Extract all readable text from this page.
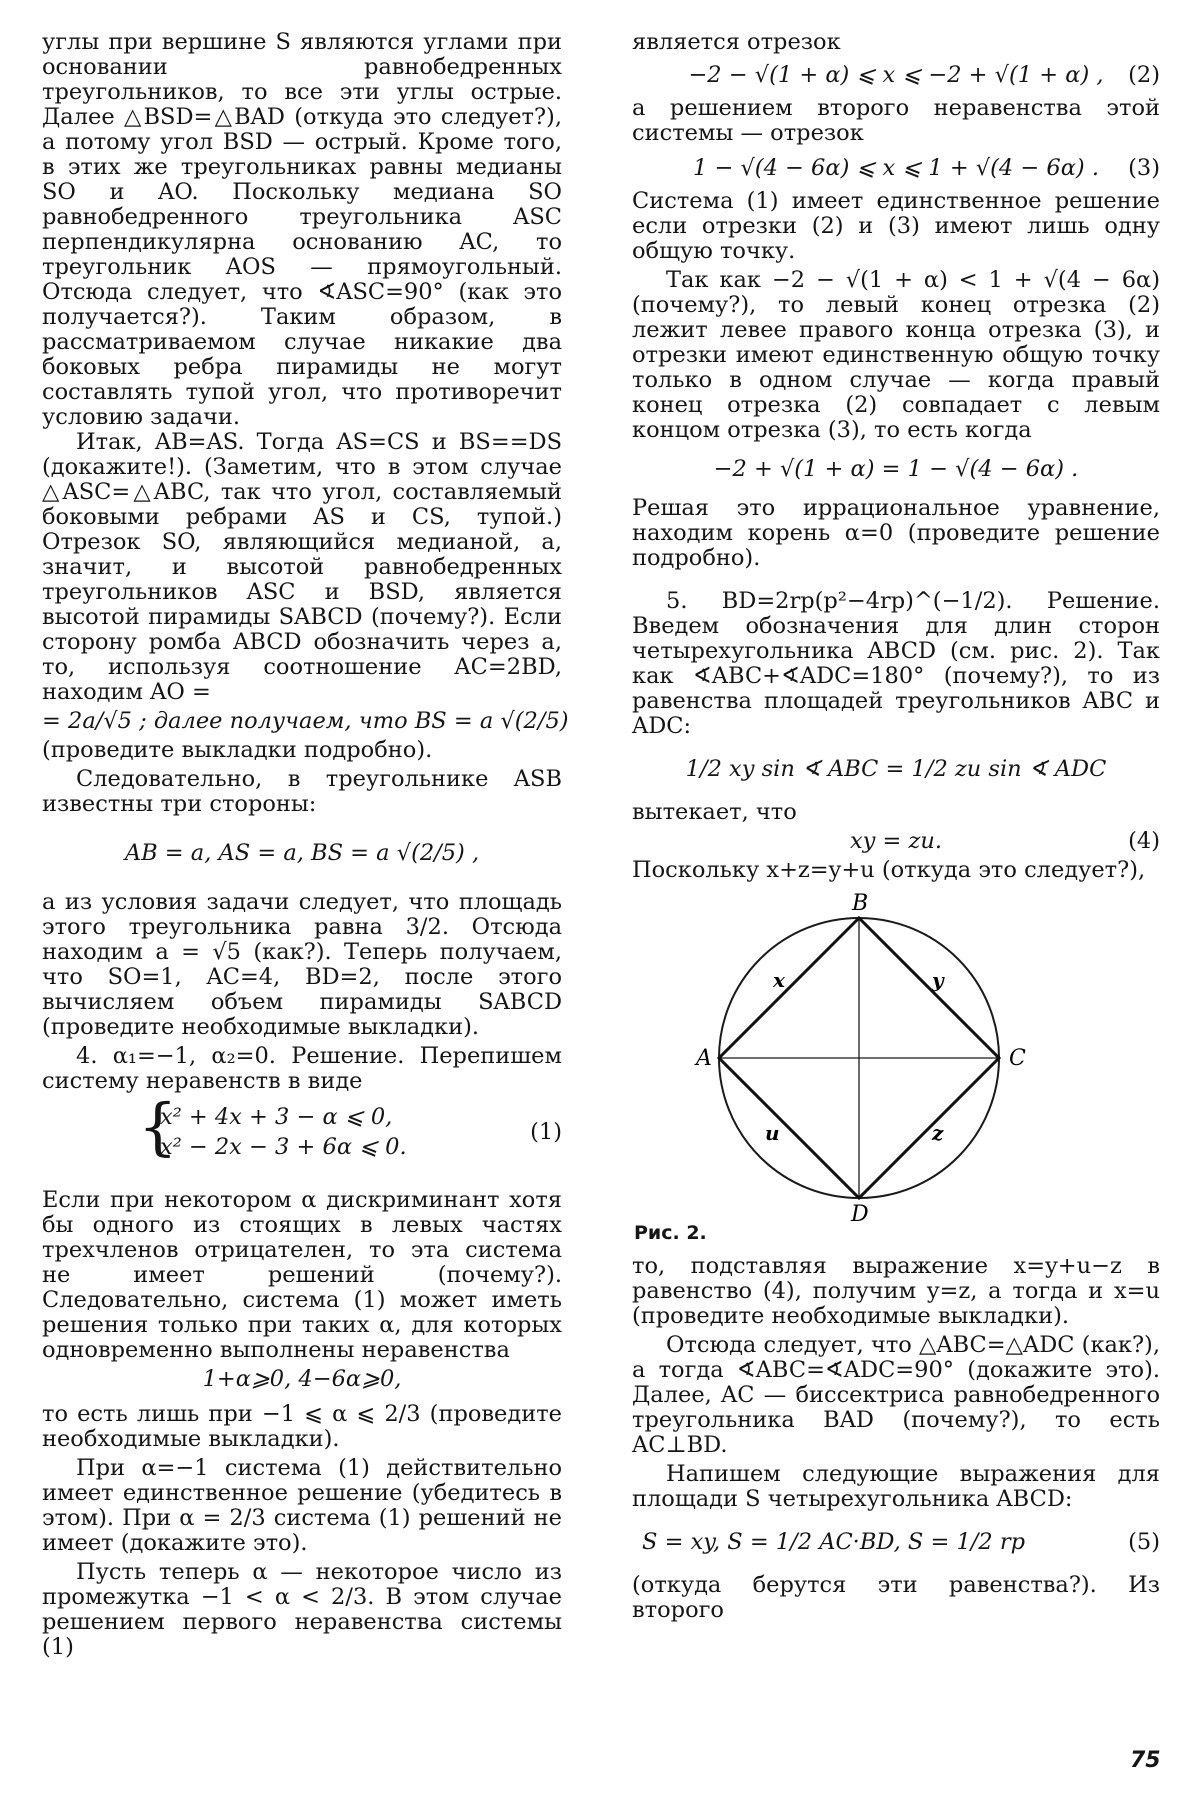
углы при вершине S являются углами при основании равнобедренных треугольников, то все эти углы острые. Далее △BSD=△BAD (откуда это следует?), а потому угол BSD — острый. Кроме того, в этих же треугольниках равны медианы SO и AO. Поскольку медиана SO равнобедренного треугольника ASC перпендикулярна основанию AC, то треугольник AOS — прямоугольный. Отсюда следует, что ∢ASC=90° (как это получается?). Таким образом, в рассматриваемом случае никакие два боковых ребра пирамиды не могут составлять тупой угол, что противоречит условию задачи.

Итак, AB=AS. Тогда AS=CS и BS==DS (докажите!). (Заметим, что в этом случае △ASC=△ABC, так что угол, составляемый боковыми ребрами AS и CS, тупой.) Отрезок SO, являющийся медианой, а, значит, и высотой равнобедренных треугольников ASC и BSD, является высотой пирамиды SABCD (почему?). Если сторону ромба ABCD обозначить через a, то, используя соотношение AC=2BD, находим AO =

= 2a/√5 ; далее получаем, что BS = a √(2/5)

(проведите выкладки подробно).

Следовательно, в треугольнике ASB известны три стороны:

AB = a, AS = a, BS = a √(2/5) ,

а из условия задачи следует, что площадь этого треугольника равна 3/2. Отсюда находим a = √5 (как?). Теперь получаем, что SO=1, AC=4, BD=2, после этого вычисляем объем пирамиды SABCD (проведите необходимые выкладки).

4. α₁=−1, α₂=0. Решение. Перепишем систему неравенств в виде

{
x² + 4x + 3 − α ⩽ 0,
x² − 2x − 3 + 6α ⩽ 0.
(1)

Если при некотором α дискриминант хотя бы одного из стоящих в левых частях трехчленов отрицателен, то эта система не имеет решений (почему?). Следовательно, система (1) может иметь решения только при таких α, для которых одновременно выполнены неравенства

1+α⩾0, 4−6α⩾0,

то есть лишь при −1 ⩽ α ⩽ 2/3 (проведите необходимые выкладки).

При α=−1 система (1) действительно имеет единственное решение (убедитесь в этом). При α = 2/3 система (1) решений не имеет (докажите это).

Пусть теперь α — некоторое число из промежутка −1 < α < 2/3. В этом случае решением первого неравенства системы (1)

является отрезок

−2 − √(1 + α) ⩽ x ⩽ −2 + √(1 + α) ,	(2)

а решением второго неравенства этой системы — отрезок

1 − √(4 − 6α) ⩽ x ⩽ 1 + √(4 − 6α) .	(3)

Система (1) имеет единственное решение если отрезки (2) и (3) имеют лишь одну общую точку.

Так как −2 − √(1 + α) < 1 + √(4 − 6α) (почему?), то левый конец отрезка (2) лежит левее правого конца отрезка (3), и отрезки имеют единственную общую точку только в одном случае — когда правый конец отрезка (2) совпадает с левым концом отрезка (3), то есть когда

−2 + √(1 + α) = 1 − √(4 − 6α) .

Решая это иррациональное уравнение, находим корень α=0 (проведите решение подробно).

5. BD=2rp(p²−4rp)^(−1/2). Решение. Введем обозначения для длин сторон четырехугольника ABCD (см. рис. 2). Так как ∢ABC+∢ADC=180° (почему?), то из равенства площадей треугольников ABC и ADC:

1/2 xy sin ∢ ABC = 1/2 zu sin ∢ ADC

вытекает, что

xy = zu.	(4)

Поскольку x+z=y+u (откуда это следует?),

B
A	C
D
x	y
u	z
Рис. 2.

то, подставляя выражение x=y+u−z в равенство (4), получим y=z, а тогда и x=u (проведите необходимые выкладки).

Отсюда следует, что △ABC=△ADC (как?), а тогда ∢ABC=∢ADC=90° (докажите это). Далее, AC — биссектриса равнобедренного треугольника BAD (почему?), то есть AC⊥BD.

Напишем следующие выражения для площади S четырехугольника ABCD:

S = xy, S = 1/2 AC·BD, S = 1/2 rp	(5)

(откуда берутся эти равенства?). Из второго

75
